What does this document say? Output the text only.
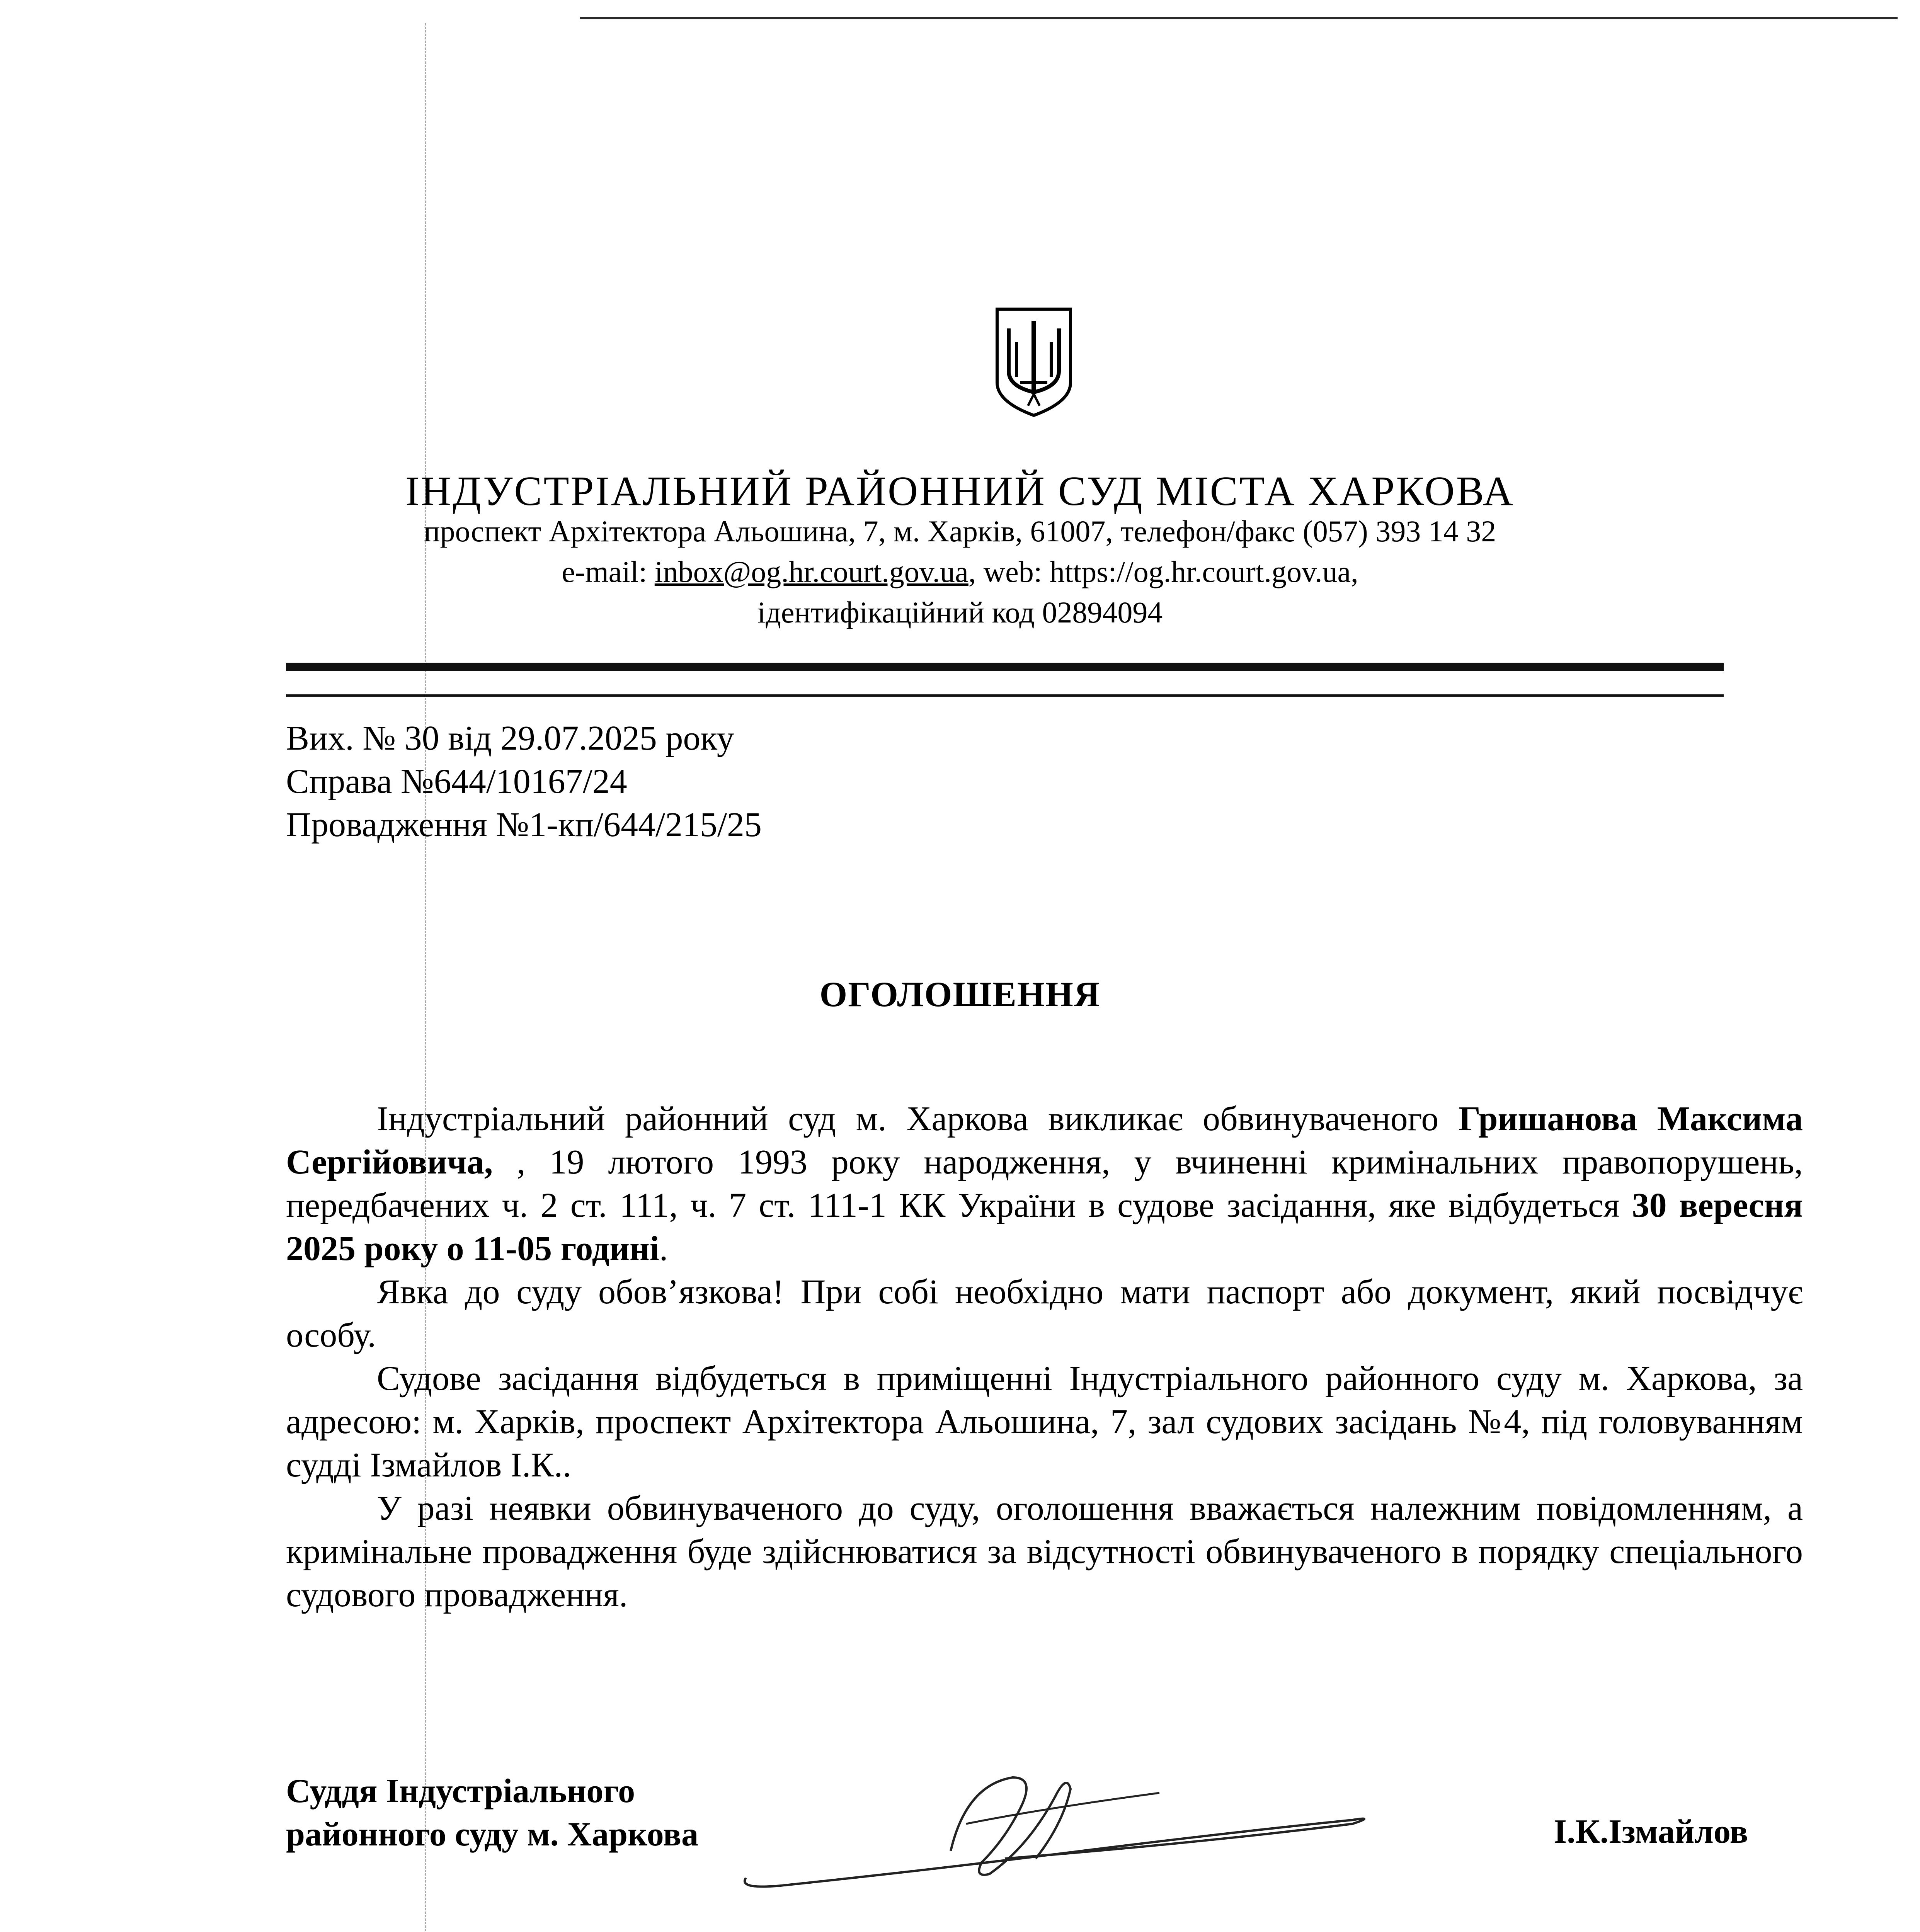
ІНДУСТРІАЛЬНИЙ РАЙОННИЙ СУД МІСТА ХАРКОВА
проспект Архітектора Альошина, 7, м. Харків, 61007, телефон/факс (057) 393 14 32
e-mail: inbox@og.hr.court.gov.ua, web: https://og.hr.court.gov.ua,
ідентифікаційний код 02894094
Вих. № 30 від 29.07.2025 року
Справа №644/10167/24
Провадження №1-кп/644/215/25
ОГОЛОШЕННЯ

Індустріальний районний суд м. Харкова викликає обвинуваченого Гришанова Максима Сергійовича, , 19 лютого 1993 року народження, у вчиненні кримінальних правопорушень, передбачених ч. 2 ст. 111, ч. 7 ст. 111-1 КК України в судове засідання, яке відбудеться 30 вересня 2025 року о 11-05 годині.

Явка до суду обов’язкова! При собі необхідно мати паспорт або документ, який посвідчує особу.

Судове засідання відбудеться в приміщенні Індустріального районного суду м. Харкова, за адресою: м. Харків, проспект Архітектора Альошина, 7, зал судових засідань №4, під головуванням судді Ізмайлов І.К..

У разі неявки обвинуваченого до суду, оголошення вважається належним повідомленням, а кримінальне провадження буде здійснюватися за відсутності обвинуваченого в порядку спеціального судового провадження.

Суддя Індустріального
районного суду м. Харкова	І.К.Ізмайлов
